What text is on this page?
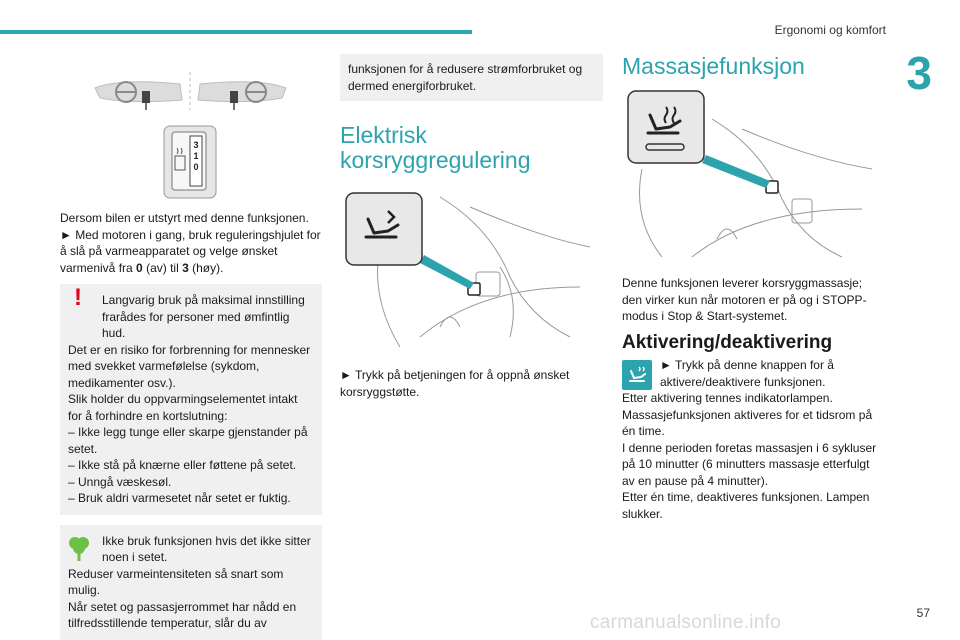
Ergonomi og komfort
3
3
1
0

Dersom bilen er utstyrt med denne funksjonen.

► Med motoren i gang, bruk reguleringshjulet for å slå på varmeapparatet og velge ønsket varmenivå fra 0 (av) til 3 (høy).

!	Langvarig bruk på maksimal innstilling frarådes for personer med ømfintlig hud.

Det er en risiko for forbrenning for mennesker med svekket varmefølelse (sykdom, medikamenter osv.).

Slik holder du oppvarmingselementet intakt for å forhindre en kortslutning:

– Ikke legg tunge eller skarpe gjenstander på setet.

– Ikke stå på knærne eller føttene på setet.

– Unngå væskesøl.

– Bruk aldri varmesetet når setet er fuktig.

Ikke bruk funksjonen hvis det ikke sitter noen i setet.

Reduser varmeintensiteten så snart som mulig.

Når setet og passasjerrommet har nådd en tilfredsstillende temperatur, slår du av

funksjonen for å redusere strømforbruket og dermed energiforbruket.

Elektrisk
korsryggregulering

► Trykk på betjeningen for å oppnå ønsket korsryggstøtte.

Massasjefunksjon

Denne funksjonen leverer korsryggmassasje; den virker kun når motoren er på og i STOPP-modus i Stop & Start-systemet.

Aktivering/deaktivering

► Trykk på denne knappen for å aktivere/deaktivere funksjonen.

Etter aktivering tennes indikatorlampen.

Massasjefunksjonen aktiveres for et tidsrom på én time.

I denne perioden foretas massasjen i 6 sykluser på 10 minutter (6 minutters massasje etterfulgt av en pause på 4 minutter).

Etter én time, deaktiveres funksjonen. Lampen slukker.

57
carmanualsonline.info
